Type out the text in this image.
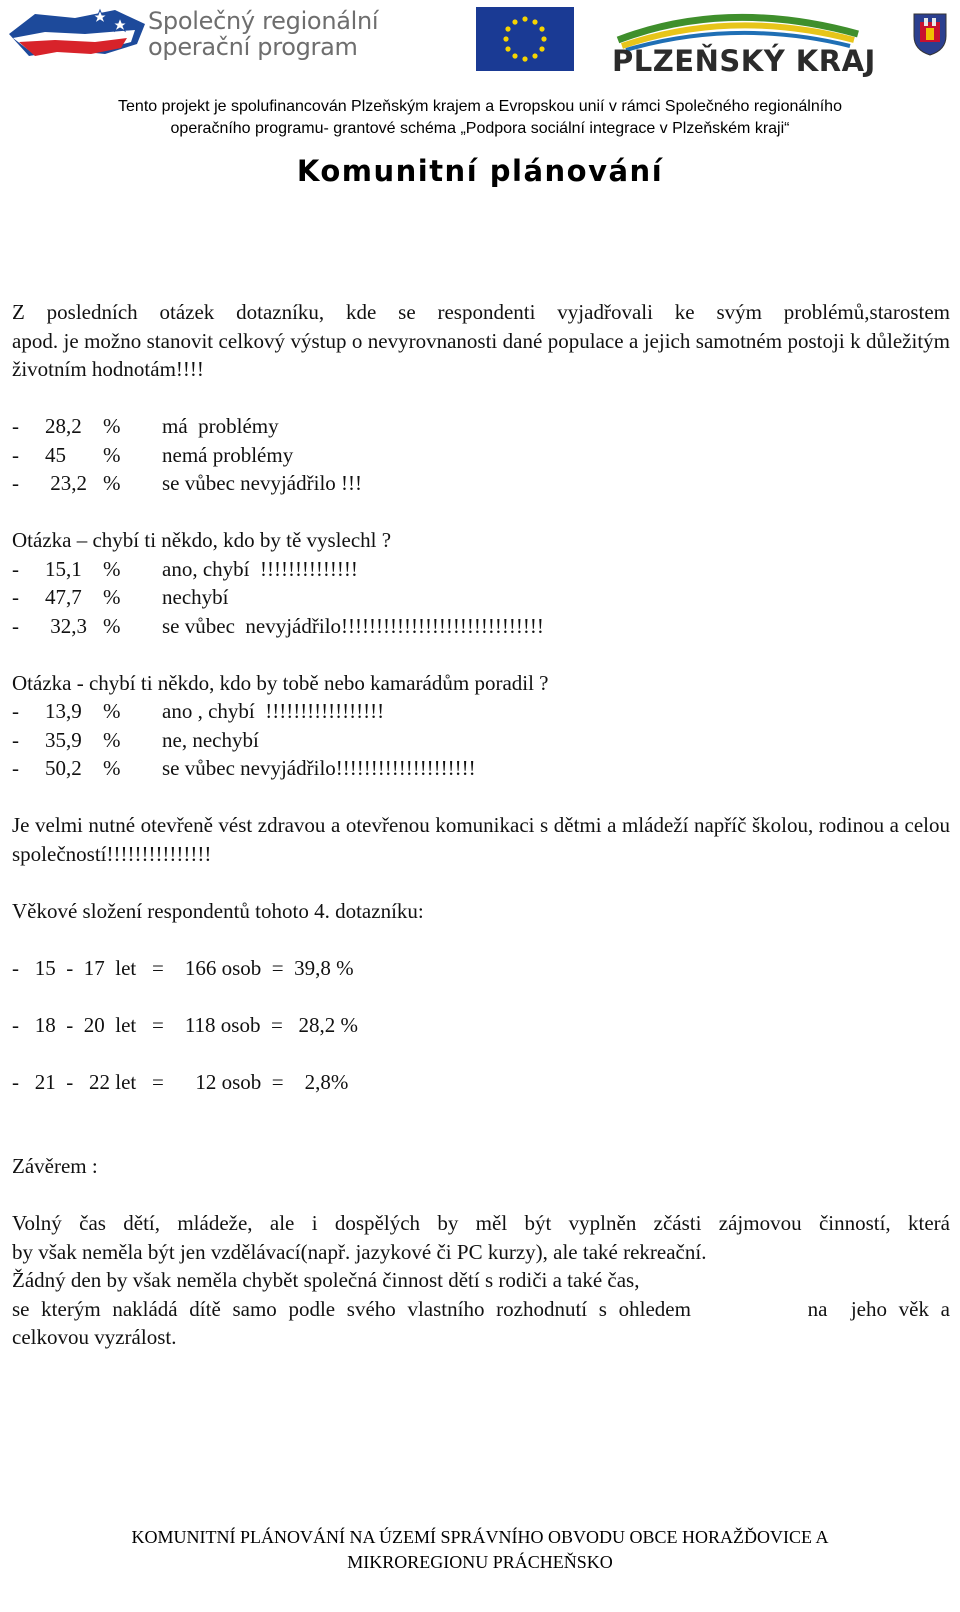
Společný regionální
operační program	PLZEŇSKÝ KRAJ
Tento projekt je spolufinancován Plzeňským krajem a Evropskou unií v rámci Společného regionálního
operačního programu- grantové schéma „Podpora sociální integrace v Plzeňském kraji“
Komunitní plánování

Z posledních otázek dotazníku, kde se respondenti vyjadřovali ke svým problémů,starostem

apod. je možno stanovit celkový výstup o nevyrovnanosti dané populace a jejich samotném postoji k důležitým životním hodnotám!!!!

-	28,2	%	má  problémy
-	45	%	nemá problémy
-	23,2 %	se vůbec nevyjádřilo !!!

Otázka – chybí ti někdo, kdo by tě vyslechl ?

-	15,1	%	ano, chybí  !!!!!!!!!!!!!!
-	47,7	%	nechybí
-	32,3 %	se vůbec  nevyjádřilo!!!!!!!!!!!!!!!!!!!!!!!!!!!!!

Otázka - chybí ti někdo, kdo by tobě nebo kamarádům poradil ?

-	13,9	%	ano , chybí  !!!!!!!!!!!!!!!!!
-	35,9	%	ne, nechybí
-	50,2	%	se vůbec nevyjádřilo!!!!!!!!!!!!!!!!!!!!

Je velmi nutné otevřeně vést zdravou a otevřenou komunikaci s dětmi a mládeží napříč školou, rodinou a celou společností!!!!!!!!!!!!!!!

Věkové složení respondentů tohoto 4. dotazníku:

-   15  -  17  let   =    166 osob  =  39,8 %
-   18  -  20  let   =    118 osob  =   28,2 %
-   21  -   22 let   =      12 osob  =    2,8%

Závěrem :

Volný čas dětí, mládeže, ale i dospělých by měl být vyplněn zčásti zájmovou činností, která

by však neměla být jen vzdělávací(např. jazykové či PC kurzy), ale také rekreační.

Žádný den by však neměla chybět společná činnost dětí s rodiči a také čas,

se kterým nakládá dítě samo podle svého vlastního rozhodnutí s ohledem          na  jeho věk a

celkovou vyzrálost.

KOMUNITNÍ PLÁNOVÁNÍ NA ÚZEMÍ SPRÁVNÍHO OBVODU OBCE HORAŽĎOVICE A
MIKROREGIONU PRÁCHEŇSKO
